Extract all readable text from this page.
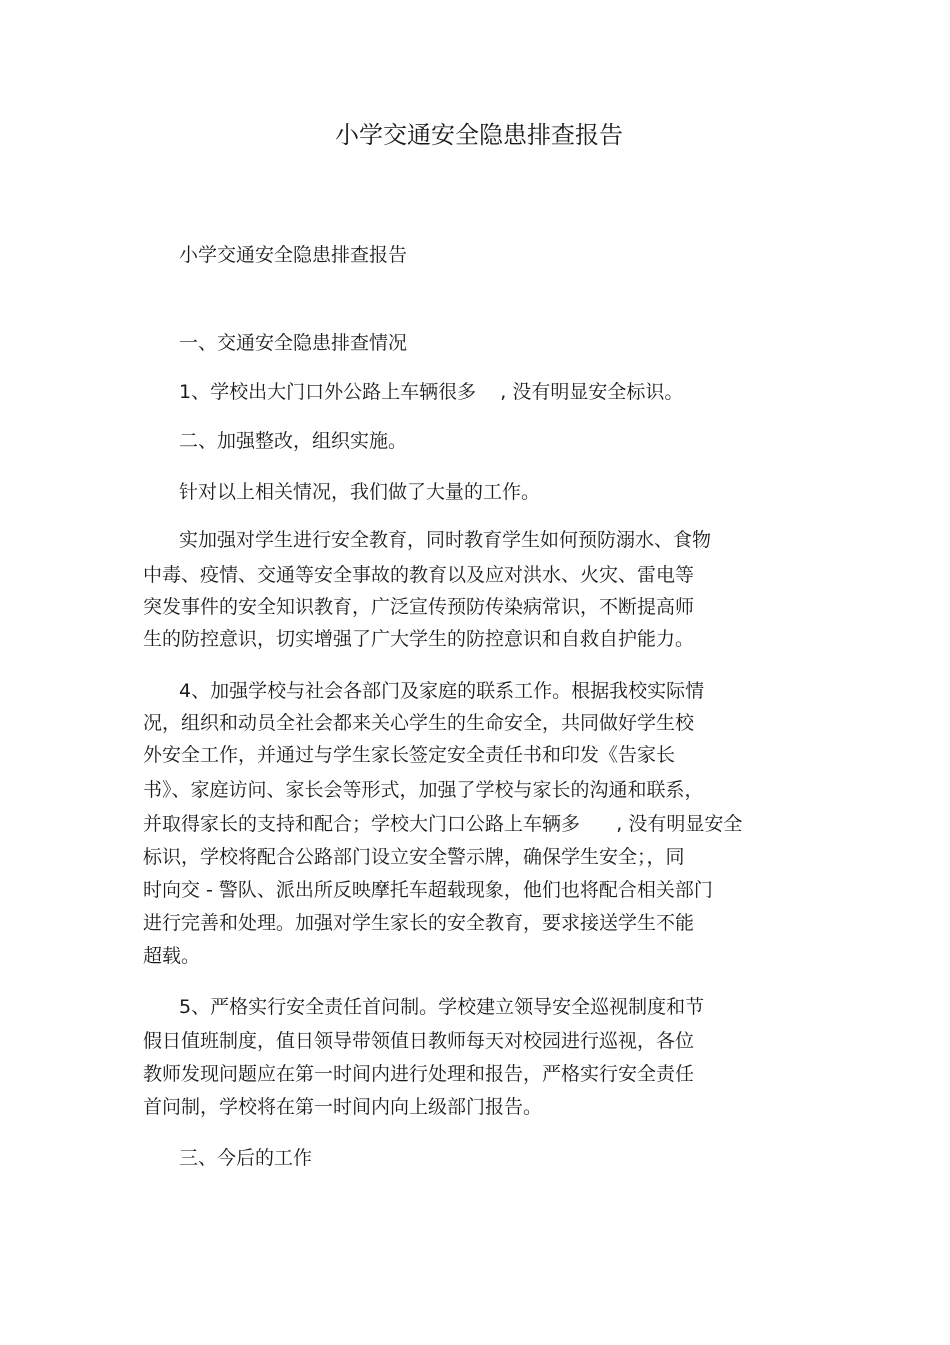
小学交通安全隐患排查报告

小学交通安全隐患排查报告

一、交通安全隐患排查情况

1、学校出大门口外公路上车辆很多    , 没有明显安全标识。

二、加强整改，组织实施。

针对以上相关情况，我们做了大量的工作。

实加强对学生进行安全教育，同时教育学生如何预防溺水、食物

中毒、疫情、交通等安全事故的教育以及应对洪水、火灾、雷电等

突发事件的安全知识教育，广泛宣传预防传染病常识，不断提高师

生的防控意识，切实增强了广大学生的防控意识和自救自护能力。

4、加强学校与社会各部门及家庭的联系工作。根据我校实际情

况，组织和动员全社会都来关心学生的生命安全，共同做好学生校

外安全工作，并通过与学生家长签定安全责任书和印发《告家长

书》、家庭访问、家长会等形式，加强了学校与家长的沟通和联系，

并取得家长的支持和配合；学校大门口公路上车辆多      , 没有明显安全

标识，学校将配合公路部门设立安全警示牌，确保学生安全；，同

时向交 - 警队、派出所反映摩托车超载现象，他们也将配合相关部门

进行完善和处理。加强对学生家长的安全教育，要求接送学生不能

超载。

5、严格实行安全责任首问制。学校建立领导安全巡视制度和节

假日值班制度，值日领导带领值日教师每天对校园进行巡视，各位

教师发现问题应在第一时间内进行处理和报告，严格实行安全责任

首问制，学校将在第一时间内向上级部门报告。

三、今后的工作
